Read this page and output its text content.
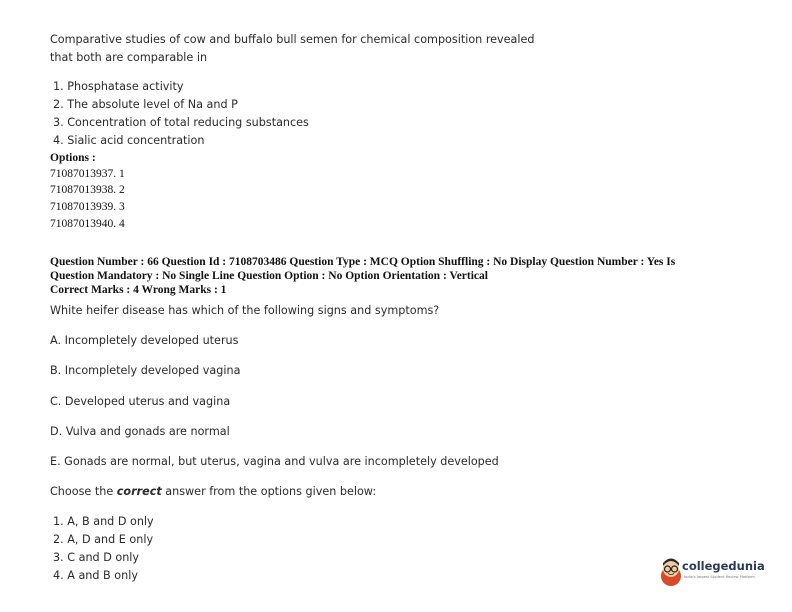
Comparative studies of cow and buffalo bull semen for chemical composition revealed
that both are comparable in
1. Phosphatase activity
2. The absolute level of Na and P
3. Concentration of total reducing substances
4. Sialic acid concentration
Options :
71087013937. 1
71087013938. 2
71087013939. 3
71087013940. 4
Question Number : 66 Question Id : 7108703486 Question Type : MCQ Option Shuffling : No Display Question Number : Yes Is
Question Mandatory : No Single Line Question Option : No Option Orientation : Vertical
Correct Marks : 4 Wrong Marks : 1
White heifer disease has which of the following signs and symptoms?
A. Incompletely developed uterus
B. Incompletely developed vagina
C. Developed uterus and vagina
D. Vulva and gonads are normal
E. Gonads are normal, but uterus, vagina and vulva are incompletely developed
Choose the correct answer from the options given below:
1. A, B and D only
2. A, D and E only
3. C and D only
4. A and B only
collegedunia
India's largest Student Review Platform
